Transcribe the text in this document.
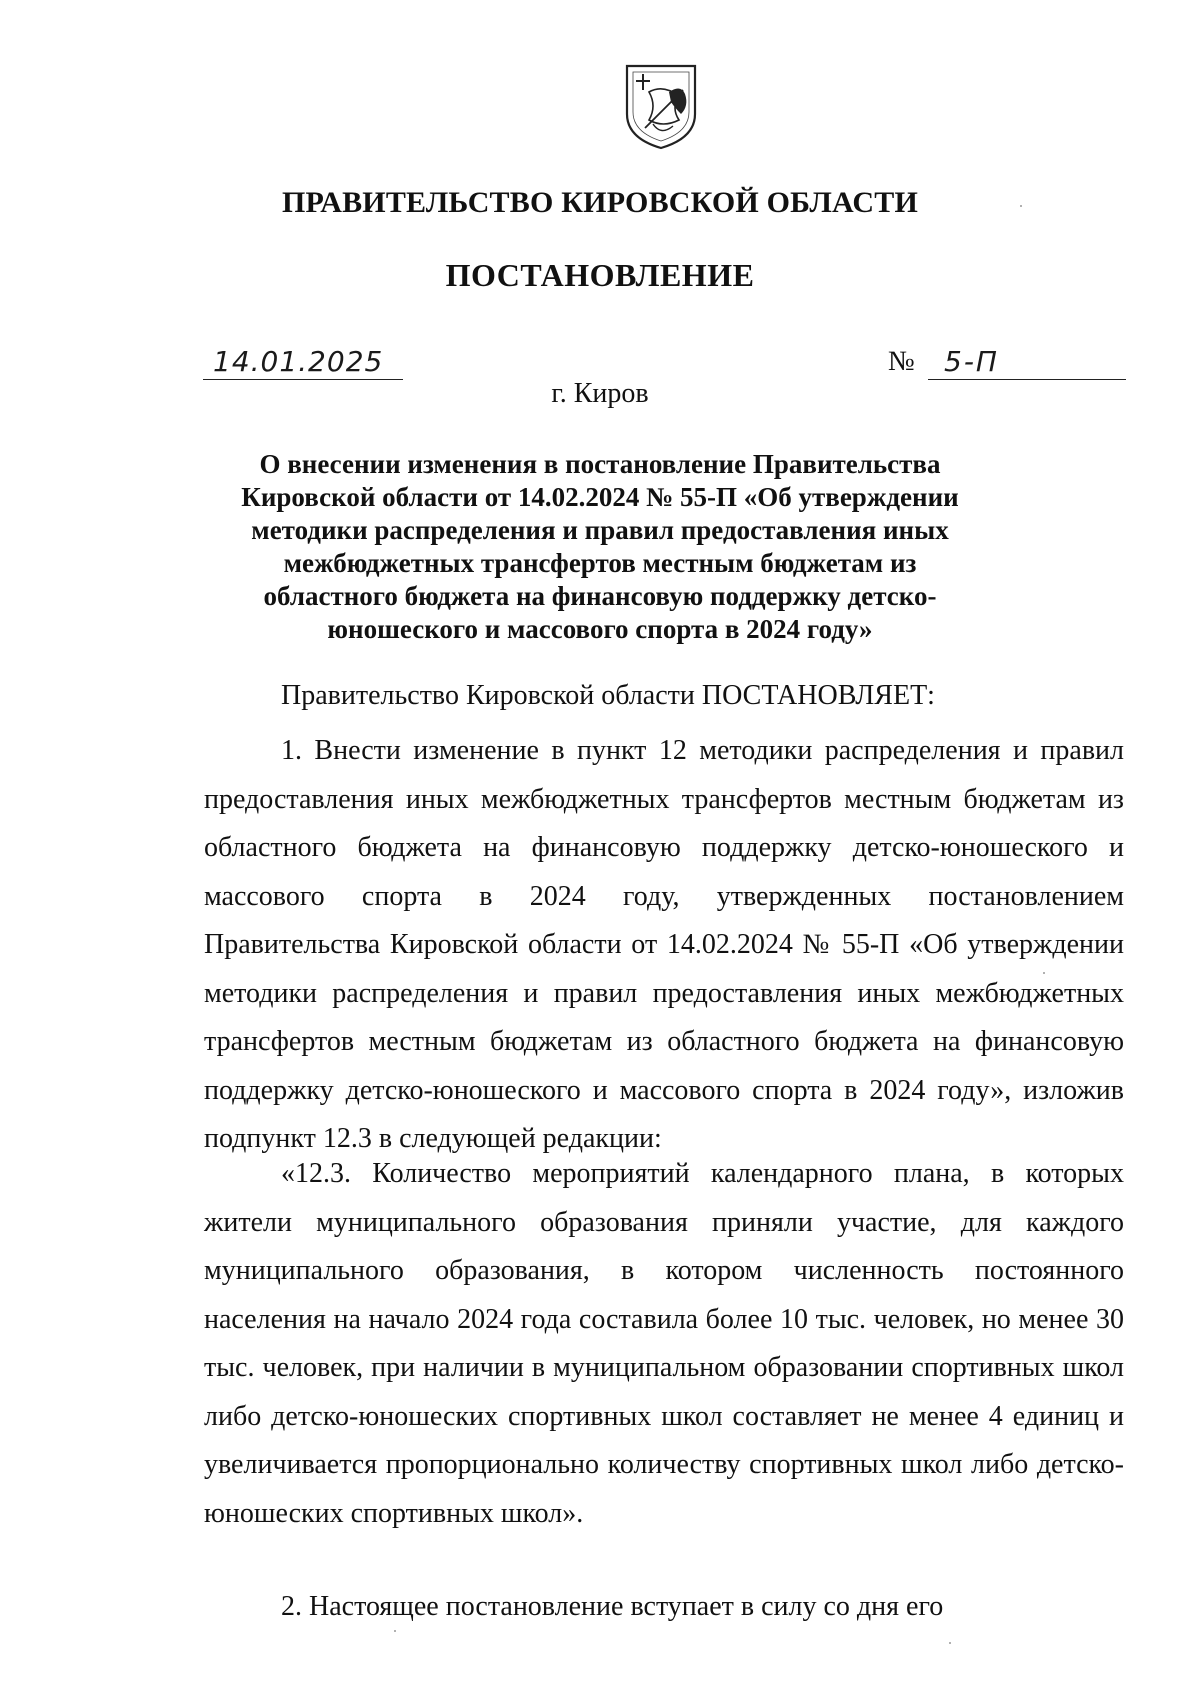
ПРАВИТЕЛЬСТВО КИРОВСКОЙ ОБЛАСТИ
ПОСТАНОВЛЕНИЕ
14.01.2025	№ 5-П
г. Киров
О внесении изменения в постановление Правительства Кировской области от 14.02.2024 № 55-П «Об утверждении методики распределения и правил предоставления иных межбюджетных трансфертов местным бюджетам из областного бюджета на финансовую поддержку детско-юношеского и массового спорта в 2024 году»
Правительство Кировской области ПОСТАНОВЛЯЕТ:
1. Внести изменение в пункт 12 методики распределения и правил предоставления иных межбюджетных трансфертов местным бюджетам из областного бюджета на финансовую поддержку детско-юношеского и массового спорта в 2024 году, утвержденных постановлением Правительства Кировской области от 14.02.2024 № 55-П «Об утверждении методики распределения и правил предоставления иных межбюджетных трансфертов местным бюджетам из областного бюджета на финансовую поддержку детско-юношеского и массового спорта в 2024 году», изложив подпункт 12.3 в следующей редакции:
«12.3. Количество мероприятий календарного плана, в которых жители муниципального образования приняли участие, для каждого муниципального образования, в котором численность постоянного населения на начало 2024 года составила более 10 тыс. человек, но менее 30 тыс. человек, при наличии в муниципальном образовании спортивных школ либо детско-юношеских спортивных школ составляет не менее 4 единиц и увеличивается пропорционально количеству спортивных школ либо детско-юношеских спортивных школ».
2. Настоящее постановление вступает в силу со дня его
